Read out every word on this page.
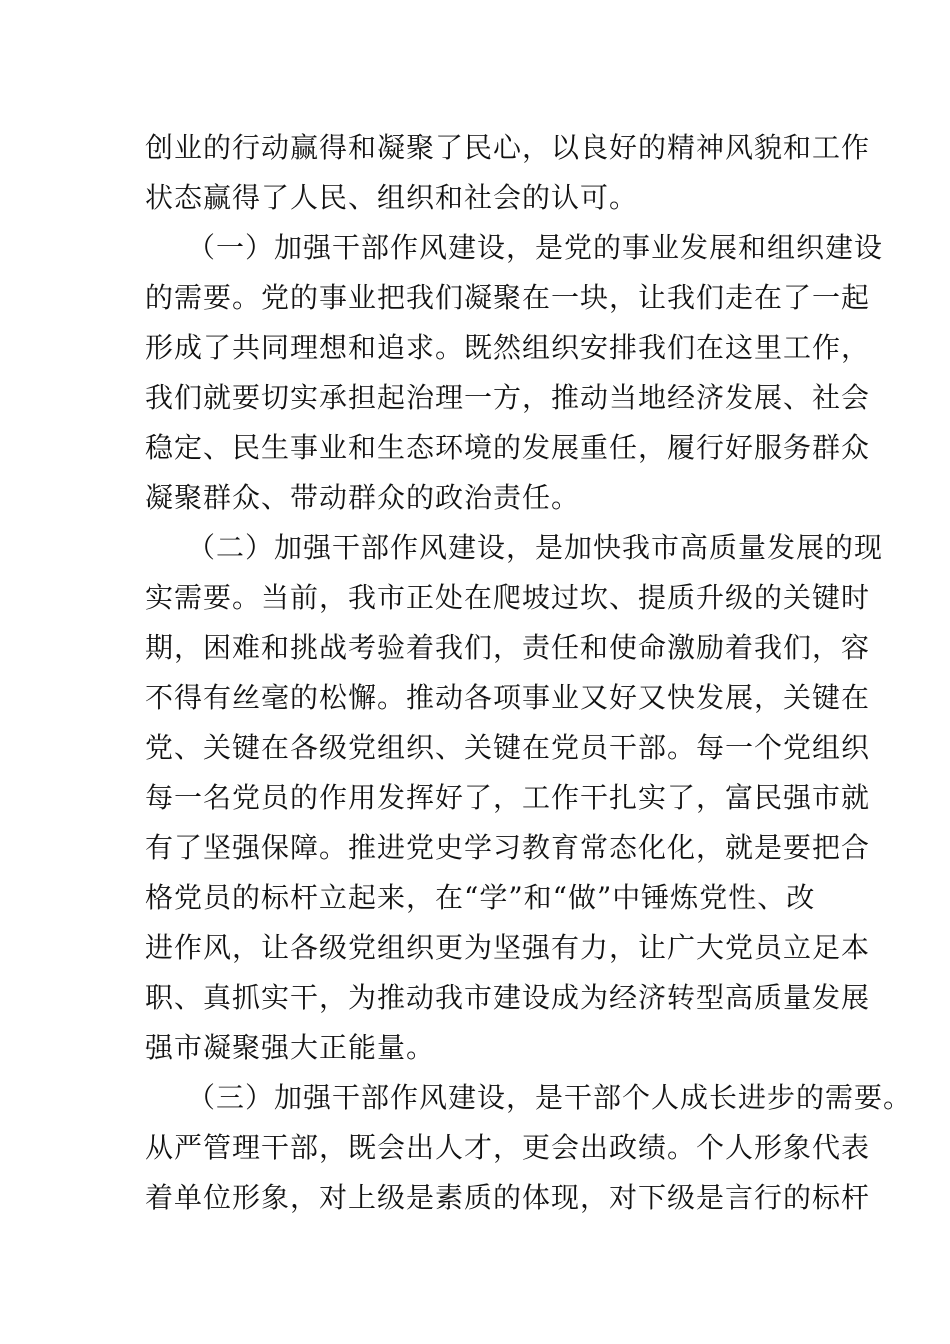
创业的行动赢得和凝聚了民心，以良好的精神风貌和工作
状态赢得了人民、组织和社会的认可。
（一）加强干部作风建设，是党的事业发展和组织建设
的需要。党的事业把我们凝聚在一块，让我们走在了一起
形成了共同理想和追求。既然组织安排我们在这里工作，
我们就要切实承担起治理一方，推动当地经济发展、社会
稳定、民生事业和生态环境的发展重任，履行好服务群众
凝聚群众、带动群众的政治责任。
（二）加强干部作风建设，是加快我市高质量发展的现
实需要。当前，我市正处在爬坡过坎、提质升级的关键时
期，困难和挑战考验着我们，责任和使命激励着我们，容
不得有丝毫的松懈。推动各项事业又好又快发展，关键在
党、关键在各级党组织、关键在党员干部。每一个党组织
每一名党员的作用发挥好了，工作干扎实了，富民强市就
有了坚强保障。推进党史学习教育常态化化，就是要把合
格党员的标杆立起来，在“学”和“做”中锤炼党性、改
进作风，让各级党组织更为坚强有力，让广大党员立足本
职、真抓实干，为推动我市建设成为经济转型高质量发展
强市凝聚强大正能量。
（三）加强干部作风建设，是干部个人成长进步的需要。
从严管理干部，既会出人才，更会出政绩。个人形象代表
着单位形象，对上级是素质的体现，对下级是言行的标杆
